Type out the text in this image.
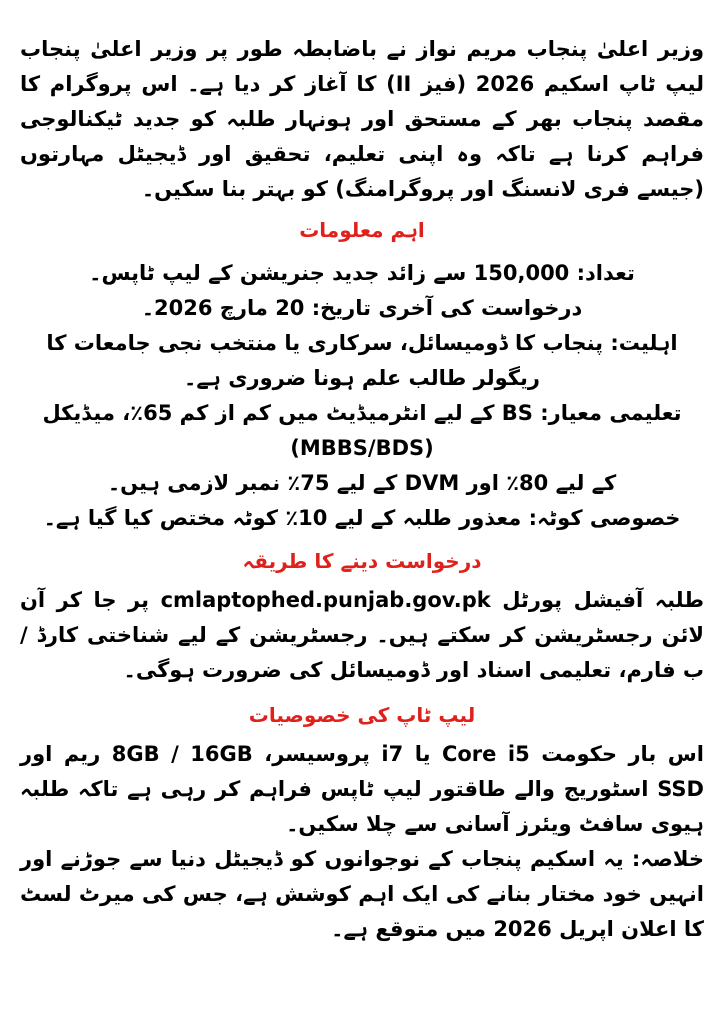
وزیر اعلیٰ پنجاب مریم نواز نے باضابطہ طور پر وزیر اعلیٰ پنجاب لیپ ٹاپ اسکیم 2026 (فیز II) کا آغاز کر دیا ہے۔ اس پروگرام کا مقصد پنجاب بھر کے مستحق اور ہونہار طلبہ کو جدید ٹیکنالوجی فراہم کرنا ہے تاکہ وہ اپنی تعلیم، تحقیق اور ڈیجیٹل مہارتوں (جیسے فری لانسنگ اور پروگرامنگ) کو بہتر بنا سکیں۔

اہم معلومات

تعداد: 150,000 سے زائد جدید جنریشن کے لیپ ٹاپس۔

درخواست کی آخری تاریخ: 20 مارچ 2026۔

اہلیت: پنجاب کا ڈومیسائل، سرکاری یا منتخب نجی جامعات کا ریگولر طالب علم ہونا ضروری ہے۔

تعلیمی معیار: BS کے لیے انٹرمیڈیٹ میں کم از کم 65٪، میڈیکل (MBBS/BDS)

کے لیے 80٪ اور DVM کے لیے 75٪ نمبر لازمی ہیں۔

خصوصی کوٹہ: معذور طلبہ کے لیے 10٪ کوٹہ مختص کیا گیا ہے۔

درخواست دینے کا طریقہ

طلبہ آفیشل پورٹل cmlaptophed.punjab.gov.pk پر جا کر آن لائن رجسٹریشن کر سکتے ہیں۔ رجسٹریشن کے لیے شناختی کارڈ / ب فارم، تعلیمی اسناد اور ڈومیسائل کی ضرورت ہوگی۔

لیپ ٹاپ کی خصوصیات

اس بار حکومت Core i5 یا i7 پروسیسر، 8GB / 16GB ریم اور SSD اسٹوریج والے طاقتور لیپ ٹاپس فراہم کر رہی ہے تاکہ طلبہ ہیوی سافٹ ویئرز آسانی سے چلا سکیں۔

خلاصہ: یہ اسکیم پنجاب کے نوجوانوں کو ڈیجیٹل دنیا سے جوڑنے اور انہیں خود مختار بنانے کی ایک اہم کوشش ہے، جس کی میرٹ لسٹ کا اعلان اپریل 2026 میں متوقع ہے۔
